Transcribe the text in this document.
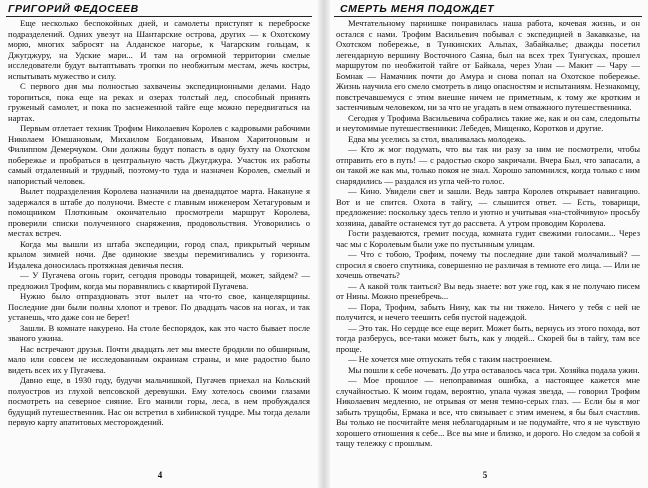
ГРИГОРИЙ ФЕДОСЕЕВ

Еще несколько беспокойных дней, и самолеты приступят к переброске подразделений. Одних увезут на Шантарские острова, других — к Охотскому морю, многих забросят на Алданское нагорье, к Чагарским гольцам, к Джугджуру, на Удские мари... И там на огромной территории смелые исследователи будут вытаптывать тропки по необжитым местам, жечь костры, испытывать мужество и силу.

С первого дня мы полностью захвачены экспедиционными делами. Надо торопиться, пока еще на реках и озерах толстый лед, способный принять груженый самолет, и пока по заснеженной тайге еще можно передвигаться на нартах.

Первым отлетает техник Трофим Николаевич Королев с кадровыми рабочими Николаем Юмшановым, Михаилом Богдановым, Иваном Харитоновым и Филиппом Демерчуком. Они должны будут попасть в одну бухту на Охотском побережье и пробраться в центральную часть Джугджура. Участок их работы самый отдаленный и трудный, поэтому-то туда и назначен Королев, смелый и напористый человек.

Вылет подразделения Королева назначили на двенадцатое марта. Накануне я задержался в штабе до полуночи. Вместе с главным инженером Хетагуровым и помощником Плоткиным окончательно просмотрели маршрут Королева, проверили списки полученного снаряжения, продовольствия. Уговорились о местах встреч.

Когда мы вышли из штаба экспедиции, город спал, прикрытый черным крылом зимней ночи. Две одинокие звезды перемигивались у горизонта. Издалека доносилась протяжная девичья песня.

— У Пугачева огонь горит, сегодня проводы товарищей, может, зайдем? — предложил Трофим, когда мы поравнялись с квартирой Пугачева.

Нужно было отпраздновать этот вылет на что-то свое, канцелярщины. Последние дни были полны хлопот и тревог. По двадцать часов на ногах, и так устанешь, что даже сон не берет!

Зашли. В комнате накурено. На столе беспорядок, как это часто бывает после званого ужина.

Нас встречают друзья. Почти двадцать лет мы вместе бродили по обширным, мало или совсем не исследованным окраинам страны, и мне радостно было видеть всех их у Пугачева.

Давно еще, в 1930 году, будучи мальчишкой, Пугачев приехал на Кольский полуостров из глухой вепсовской деревушки. Ему хотелось своими глазами посмотреть на северное сияние. Его манили горы, леса, в нем пробуждался будущий путешественник. Нас он встретил в хибинской тундре. Мы тогда делали первую карту апатитовых месторождений.

4
СМЕРТЬ МЕНЯ ПОДОЖДЕТ

Мечтательному парнишке понравилась наша работа, кочевая жизнь, и он остался с нами. Трофим Васильевич побывал с экспедицией в Закавказье, на Охотском побережье, в Тункинских Альпах, Забайкалье; дважды посетил легендарную вершину Восточного Саяна, был на всех трех Тунгусках, прошел маршрутом по необжитой тайге от Байкала, через Улан — Макит — Чару — Бомнак — Намачник почти до Амура и снова попал на Охотское побережье. Жизнь научила его смело смотреть в лицо опасностям и испытаниям. Незнакомцу, повстречавшемуся с этим внешне ничем не приметным, к тому же кротким и застенчивым человеком, ни за что не угадать в нем отважного путешественника.

Сегодня у Трофима Васильевича собрались такие же, как и он сам, следопыты и неутомимые путешественники: Лебедев, Мищенко, Коротков и другие.

Едва мы уселись за стол, вваливалась молодежь.

— Кто ж мог подумать, что вы так ни разу за ним не посмотрели, чтобы отправить его в путь! — с радостью скоро закричали. Вчера Был, что запасали, а он такой же как мы, только покоя не знал. Хорошо запомнился, когда только с ним снарядились — раздался из угла чей-то голос.

— Кино. Увидели свет и зашли. Ведь завтра Королев открывает навигацию. Вот и не спится. Охота в тайгу, — слышится ответ. — Есть, товарищи, предложение: поскольку здесь тепло и уютно и учитывая «на-стойчивую» просьбу хозяина, давайте останемся тут до рассвета. А утром проводим Королева.

Гости раздеваются, гремит посуда, комната гудит свежими голосами... Через час мы с Королевым были уже по пустынным улицам.

— Что с тобою, Трофим, почему ты последние дни такой молчаливый? — спросил я своего спутника, совершенно не различая в темноте его лица. — Или не хочешь отвечать?

— А какой толк таиться? Вы ведь знаете: вот уже год, как я не получаю писем от Нины. Можно пренебречь...

— Пора, Трофим, забыть Нину, как ты ни тяжело. Ничего у тебя с ней не получится, и нечего теешить себя пустой надеждой.

— Это так. Но сердце все еще верит. Может быть, вернусь из этого похода, вот тогда разберусь, все-таки может быть, как у людей... Скорей бы в тайгу, там все проще.

— Не хочется мне отпускать тебя с таким настроением.

Мы пошли к себе ночевать. До утра оставалось часа три. Хозяйка подала ужин.

— Мое прошлое — непоправимая ошибка, а настоящее кажется мне случайностью. К моим годам, вероятно, упала чужая звезда, — говорил Трофим Николаевич медленно, не отрывая от меня темно-серых глаз. — Если бы я мог забыть трущобы, Ермака и все, что связывает с этим именем, я бы был счастлив. Вы только не посчитайте меня неблагодарным и не подумайте, что я не чувствую хорошего отношения к себе... Все вы мне и близко, и дорого. Но следом за собой я тащу тележку с прошлым.

5
